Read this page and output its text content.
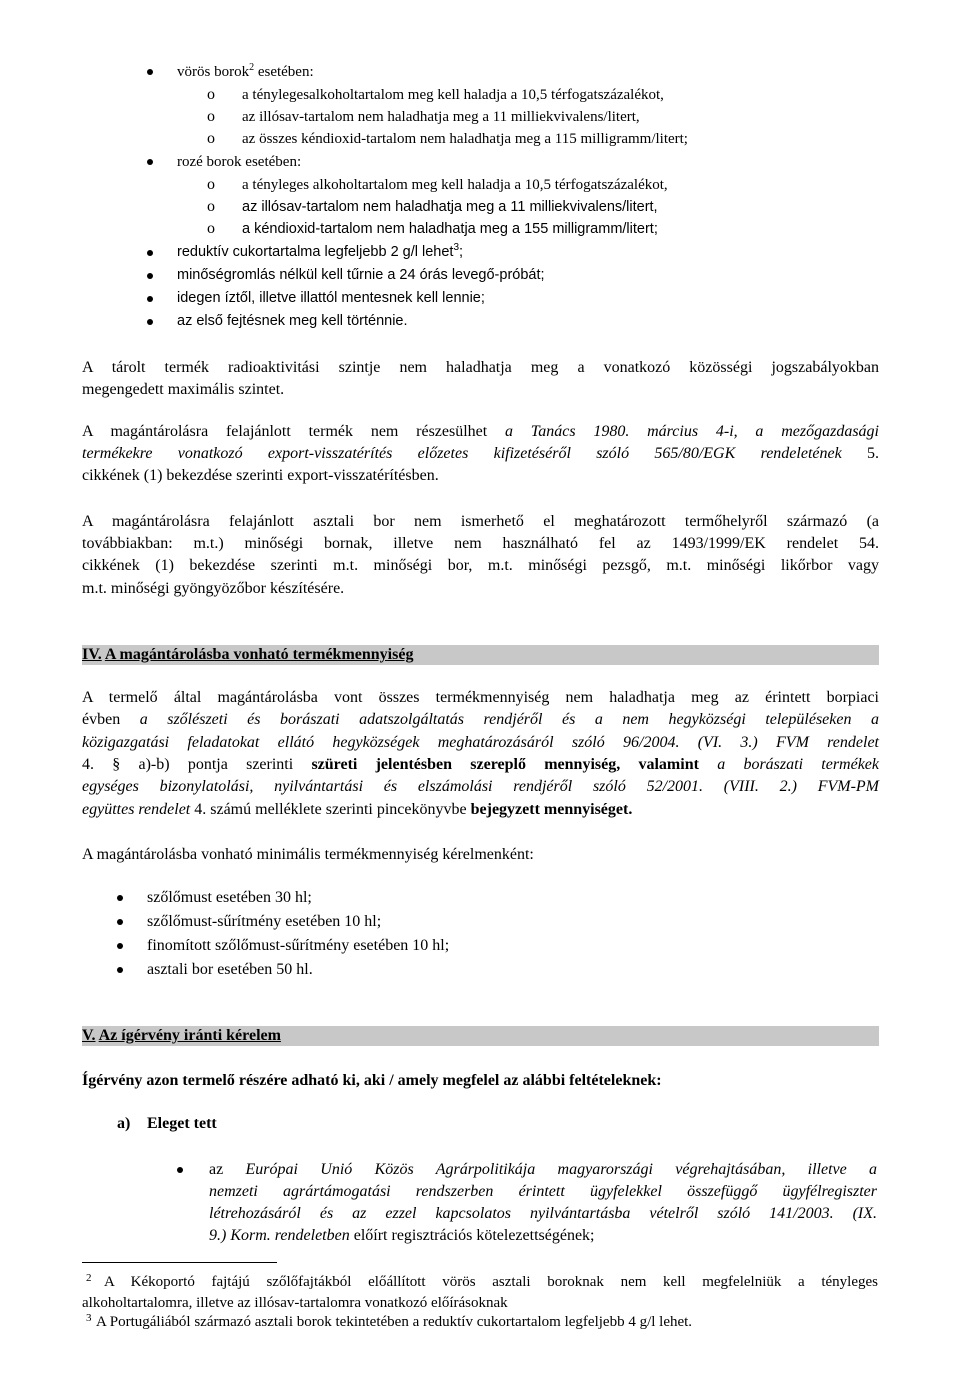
vörös borok$^2$ esetében:
o a ténylegesalkoholtartalom meg kell haladja a 10,5 térfogatszázalékot,
o az illósav-tartalom nem haladhatja meg a 11 milliekvivalens/litert,
o az összes kéndioxid-tartalom nem haladhatja meg a 115 milligramm/litert;
rozé borok esetében:
o a tényleges alkoholtartalom meg kell haladja a 10,5 térfogatszázalékot,
o az illósav-tartalom nem haladhatja meg a 11 milliekvivalens/litert,
o a kéndioxid-tartalom nem haladhatja meg a 155 milligramm/litert;
reduktív cukortartalma legfeljebb 2 g/l lehet$^3$;
minőségromlás nélkül kell tűrnie a 24 órás levegő-próbát;
idegen íztől, illetve illattól mentesnek kell lennie;
az első fejtésnek meg kell történnie.
A tárolt termék radioaktivitási szintje nem haladhatja meg a vonatkozó közösségi jogszabályokban
megengedett maximális szintet.
A magántárolásra felajánlott termék nem részesülhet a Tanács 1980. március 4-i, a mezőgazdasági
termékekre vonatkozó export-visszatérítés előzetes kifizetéséről szóló 565/80/EGK rendeletének 5.
cikkének (1) bekezdése szerinti export-visszatérítésben.
A magántárolásra felajánlott asztali bor nem ismerhető el meghatározott termőhelyről származó (a
továbbiakban: m.t.) minőségi bornak, illetve nem használható fel az 1493/1999/EK rendelet 54.
cikkének (1) bekezdése szerinti m.t. minőségi bor, m.t. minőségi pezsgő, m.t. minőségi likőrbor vagy
m.t. minőségi gyöngyözőbor készítésére.
IV. A magántárolásba vonható termékmennyiség
A termelő által magántárolásba vont összes termékmennyiség nem haladhatja meg az érintett borpiaci
évben a szőlészeti és borászati adatszolgáltatás rendjéről és a nem hegyközségi településeken a
közigazgatási feladatokat ellátó hegyközségek meghatározásáról szóló 96/2004. (VI. 3.) FVM rendelet
4. § a)-b) pontja szerinti szüreti jelentésben szereplő mennyiség, valamint a borászati termékek
egységes bizonylatolási, nyilvántartási és elszámolási rendjéről szóló 52/2001. (VIII. 2.) FVM-PM
együttes rendelet 4. számú melléklete szerinti pincekönyvbe bejegyzett mennyiséget.
A magántárolásba vonható minimális termékmennyiség kérelmenként:
szőlőmust esetében 30 hl;
szőlőmust-sűrítmény esetében 10 hl;
finomított szőlőmust-sűrítmény esetében 10 hl;
asztali bor esetében 50 hl.
V. Az ígérvény iránti kérelem
Ígérvény azon termelő részére adható ki, aki / amely megfelel az alábbi feltételeknek:
a) Eleget tett
az Európai Unió Közös Agrárpolitikája magyarországi végrehajtásában, illetve a
nemzeti agrártámogatási rendszerben érintett ügyfelekkel összefüggő ügyfélregiszter
létrehozásáról és az ezzel kapcsolatos nyilvántartásba vételről szóló 141/2003. (IX.
9.) Korm. rendeletben előírt regisztrációs kötelezettségének;
2 A Kékoportó fajtájú szőlőfajtákból előállított vörös asztali boroknak nem kell megfelelniük a tényleges
alkoholtartalomra, illetve az illósav-tartalomra vonatkozó előírásoknak
3 A Portugáliából származó asztali borok tekintetében a reduktív cukortartalom legfeljebb 4 g/l lehet.
